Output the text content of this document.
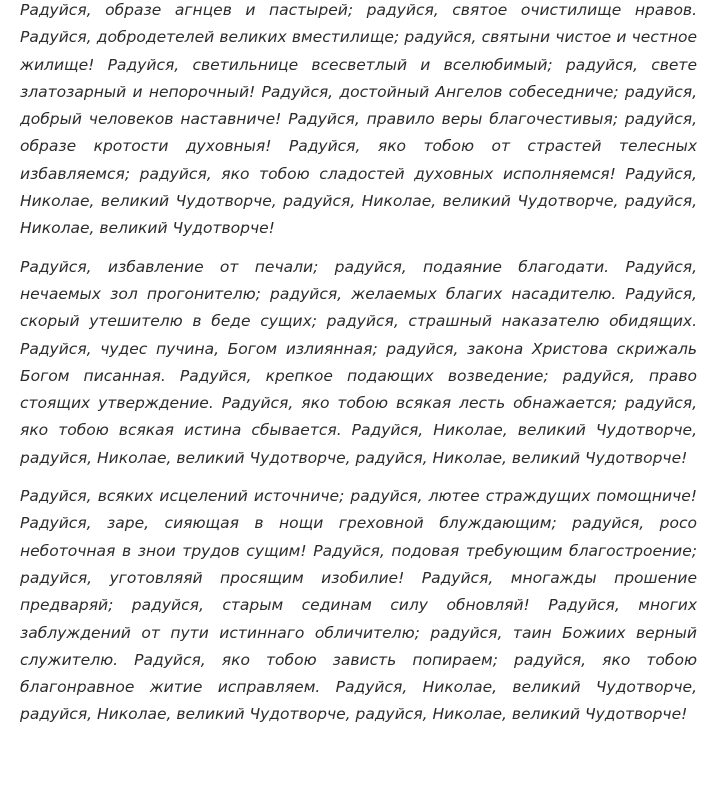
Радуйся, образе агнцев и пастырей; радуйся, святое очистилище нравов. Радуйся, добродетелей великих вместилище; радуйся, святыни чистое и честное жилище! Радуйся, светильнице всесветлый и вселюбимый; радуйся, свете златозарный и непорочный! Радуйся, достойный Ангелов собеседниче; радуйся, добрый человеков наставниче! Радуйся, правило веры благочестивыя; радуйся, образе кротости духовныя! Радуйся, яко тобою от страстей телесных избавляемся; радуйся, яко тобою сладостей духовных исполняемся! Радуйся, Николае, великий Чудотворче, радуйся, Николае, великий Чудотворче, радуйся, Николае, великий Чудотворче!

Радуйся, избавление от печали; радуйся, подаяние благодати. Радуйся, нечаемых зол прогонителю; радуйся, желаемых благих насадителю. Радуйся, скорый утешителю в беде сущих; радуйся, страшный наказателю обидящих. Радуйся, чудес пучина, Богом излиянная; радуйся, закона Христова скрижаль Богом писанная. Радуйся, крепкое подающих возведение; радуйся, право стоящих утверждение. Радуйся, яко тобою всякая лесть обнажается; радуйся, яко тобою всякая истина сбывается. Радуйся, Николае, великий Чудотворче, радуйся, Николае, великий Чудотворче, радуйся, Николае, великий Чудотворче!

Радуйся, всяких исцелений источниче; радуйся, лютее страждущих помощниче! Радуйся, заре, сияющая в нощи греховной блуждающим; радуйся, росо неботочная в знои трудов сущим! Радуйся, подовая требующим благостроение; радуйся, уготовляяй просящим изобилие! Радуйся, многажды прошение предваряй; радуйся, старым сединам силу обновляй! Радуйся, многих заблуждений от пути истиннаго обличителю; радуйся, таин Божиих верный служителю. Радуйся, яко тобою зависть попираем; радуйся, яко тобою благонравное житие исправляем. Радуйся, Николае, великий Чудотворче, радуйся, Николае, великий Чудотворче, радуйся, Николае, великий Чудотворче!
